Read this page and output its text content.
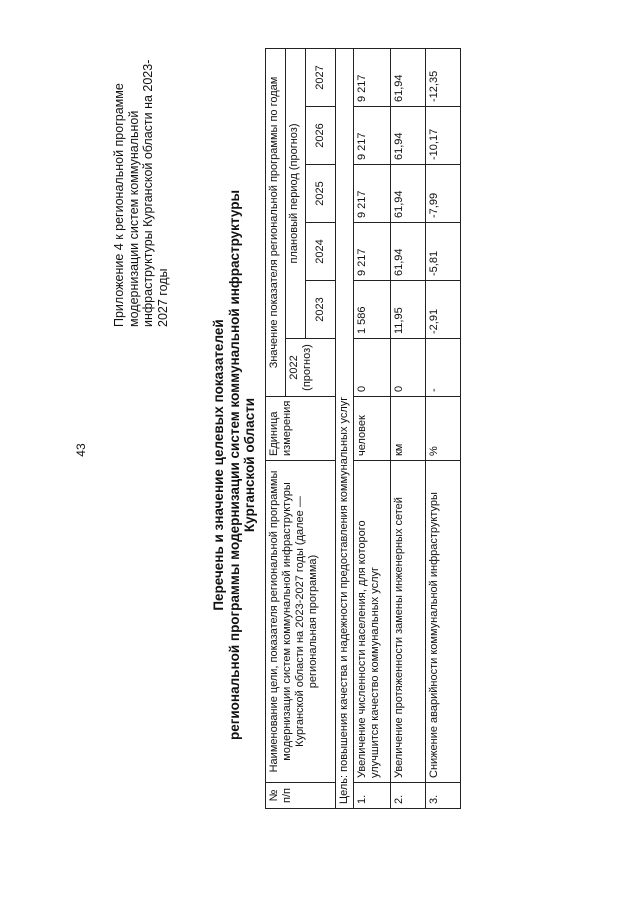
43
Приложение 4 к региональной программе модернизации систем коммунальной инфраструктуры Курганской области на 2023-2027 годы
Перечень и значение целевых показателей региональной программы модернизации систем коммунальной инфраструктуры Курганской области
№ п/п	Наименование цели, показателя региональной программы модернизации систем коммунальной инфраструктуры Курганской области на 2023-2027 годы (далее — региональная программа)	Единица измерения	Значение показателя региональной программы по годам					
			2022 (прогноз)	плановый период (прогноз)				
				2023	2024	2025	2026	2027
Цель: повышения качества и надежности предоставления коммунальных услуг								
1.	Увеличение численности населения, для которого улучшится качество коммунальных услуг	человек	0	1 586	9 217	9 217	9 217	9 217
2.	Увеличение протяженности замены инженерных сетей	км	0	11,95	61,94	61,94	61,94	61,94
3.	Снижение аварийности коммунальной инфраструктуры	%	-	-2,91	-5,81	-7,99	-10,17	-12,35
